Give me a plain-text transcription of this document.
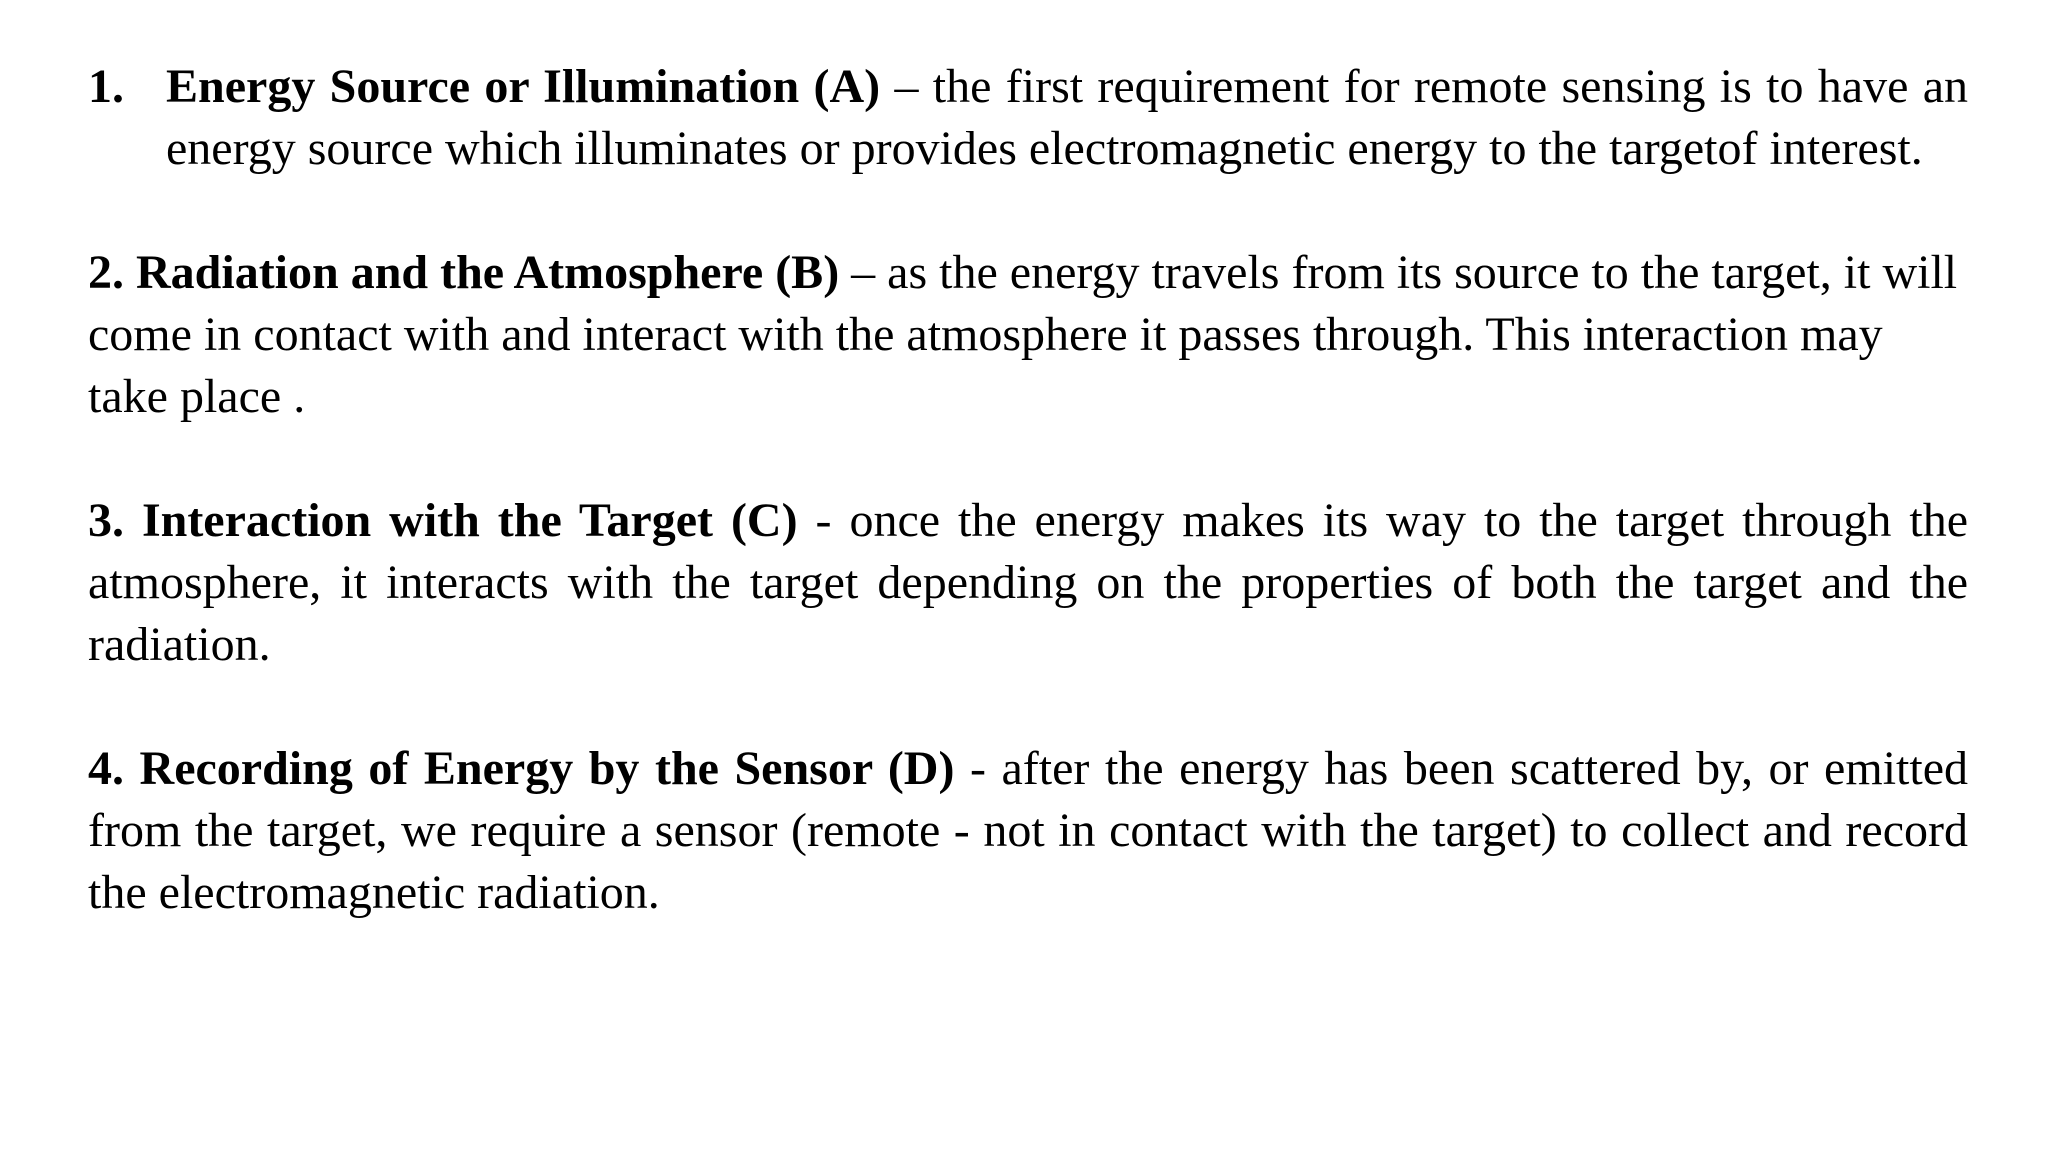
1. Energy Source or Illumination (A) – the first requirement for remote sensing is to have an energy source which illuminates or provides electromagnetic energy to the targetof interest.

2. Radiation and the Atmosphere (B) – as the energy travels from its source to the target, it will come in contact with and interact with the atmosphere it passes through. This interaction may take place .

3. Interaction with the Target (C) - once the energy makes its way to the target through the atmosphere, it interacts with the target depending on the properties of both the target and the radiation.

4. Recording of Energy by the Sensor (D) - after the energy has been scattered by, or emitted from the target, we require a sensor (remote - not in contact with the target) to collect and record the electromagnetic radiation.
